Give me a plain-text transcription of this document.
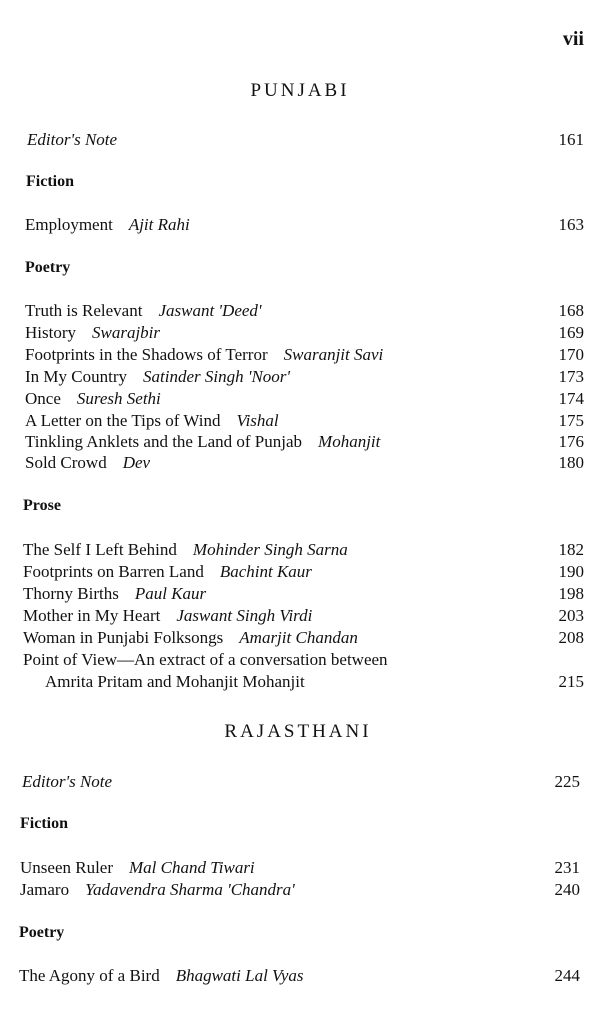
vii
PUNJABI
Editor's Note	161
Fiction
Employment Ajit Rahi	163
Poetry
Truth is Relevant Jaswant 'Deed'	168
History Swarajbir	169
Footprints in the Shadows of Terror Swaranjit Savi	170
In My Country Satinder Singh 'Noor'	173
Once Suresh Sethi	174
A Letter on the Tips of Wind Vishal	175
Tinkling Anklets and the Land of Punjab Mohanjit	176
Sold Crowd Dev	180
Prose
The Self I Left Behind Mohinder Singh Sarna	182
Footprints on Barren Land Bachint Kaur	190
Thorny Births Paul Kaur	198
Mother in My Heart Jaswant Singh Virdi	203
Woman in Punjabi Folksongs Amarjit Chandan	208
Point of View—An extract of a conversation between
Amrita Pritam and Mohanjit Mohanjit	215
RAJASTHANI
Editor's Note	225
Fiction
Unseen Ruler Mal Chand Tiwari	231
Jamaro Yadavendra Sharma 'Chandra'	240
Poetry
The Agony of a Bird Bhagwati Lal Vyas	244
